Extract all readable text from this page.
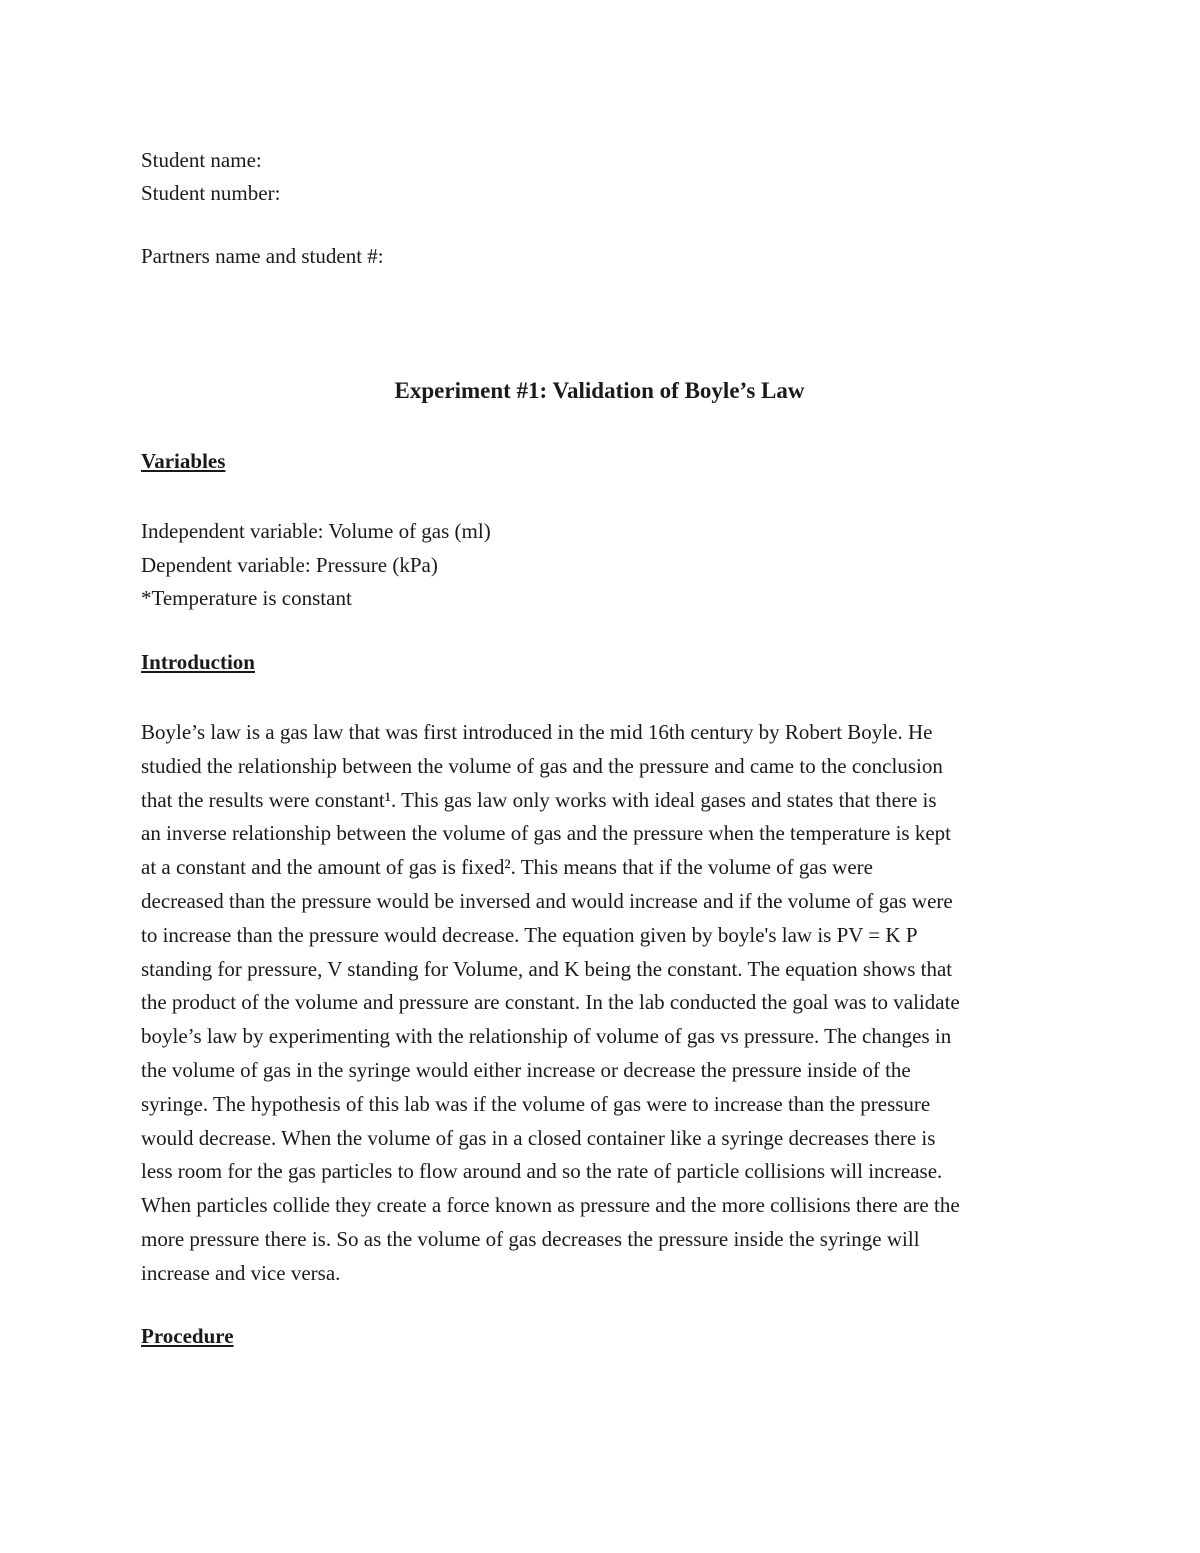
Student name:
Student number:
Partners name and student #:
Experiment #1: Validation of Boyle’s Law
Variables
Independent variable: Volume of gas (ml)
Dependent variable: Pressure (kPa)
*Temperature is constant
Introduction
Boyle’s law is a gas law that was first introduced in the mid 16th century by Robert Boyle. He
studied the relationship between the volume of gas and the pressure and came to the conclusion
that the results were constant¹. This gas law only works with ideal gases and states that there is
an inverse relationship between the volume of gas and the pressure when the temperature is kept
at a constant and the amount of gas is fixed². This means that if the volume of gas were
decreased than the pressure would be inversed and would increase and if the volume of gas were
to increase than the pressure would decrease. The equation given by boyle's law is PV = K P
standing for pressure, V standing for Volume, and K being the constant. The equation shows that
the product of the volume and pressure are constant. In the lab conducted the goal was to validate
boyle’s law by experimenting with the relationship of volume of gas vs pressure. The changes in
the volume of gas in the syringe would either increase or decrease the pressure inside of the
syringe. The hypothesis of this lab was if the volume of gas were to increase than the pressure
would decrease. When the volume of gas in a closed container like a syringe decreases there is
less room for the gas particles to flow around and so the rate of particle collisions will increase.
When particles collide they create a force known as pressure and the more collisions there are the
more pressure there is. So as the volume of gas decreases the pressure inside the syringe will
increase and vice versa.
Procedure
